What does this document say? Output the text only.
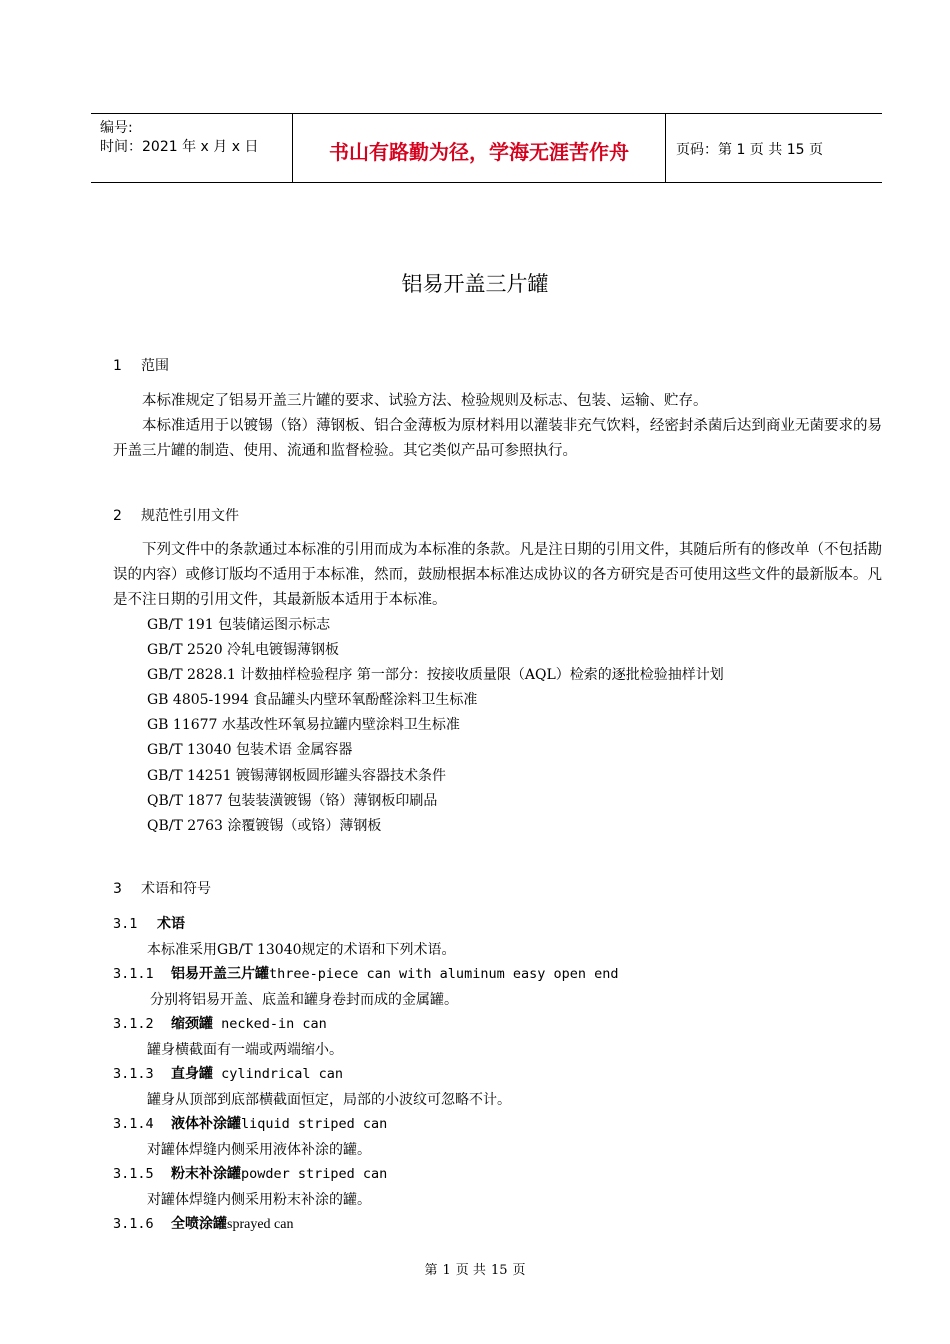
编号:
时间：2021 年 x 月 x 日	书山有路勤为径，学海无涯苦作舟	页码：第 1 页 共 15 页
铝易开盖三片罐
1 范围

本标准规定了铝易开盖三片罐的要求、试验方法、检验规则及标志、包装、运输、贮存。

本标准适用于以镀锡（铬）薄钢板、铝合金薄板为原材料用以灌装非充气饮料，经密封杀菌后达到商业无菌要求的易开盖三片罐的制造、使用、流通和监督检验。其它类似产品可参照执行。

2 规范性引用文件

下列文件中的条款通过本标准的引用而成为本标准的条款。凡是注日期的引用文件，其随后所有的修改单（不包括勘误的内容）或修订版均不适用于本标准，然而，鼓励根据本标准达成协议的各方研究是否可使用这些文件的最新版本。凡是不注日期的引用文件，其最新版本适用于本标准。

GB/T 191 包装储运图示标志
GB/T 2520 冷轧电镀锡薄钢板
GB/T 2828.1 计数抽样检验程序 第一部分：按接收质量限（AQL）检索的逐批检验抽样计划
GB 4805-1994 食品罐头内壁环氧酚醛涂料卫生标准
GB 11677 水基改性环氧易拉罐内壁涂料卫生标准
GB/T 13040 包装术语 金属容器
GB/T 14251 镀锡薄钢板圆形罐头容器技术条件
QB/T 1877 包装装潢镀锡（铬）薄钢板印刷品
QB/T 2763 涂覆镀锡（或铬）薄钢板
3 术语和符号
3.1 术语
本标准采用GB/T 13040规定的术语和下列术语。
3.1.1 铝易开盖三片罐three-piece can with aluminum easy open end
分别将铝易开盖、底盖和罐身卷封而成的金属罐。
3.1.2 缩颈罐 necked-in can
罐身横截面有一端或两端缩小。
3.1.3 直身罐 cylindrical can
罐身从顶部到底部横截面恒定，局部的小波纹可忽略不计。
3.1.4 液体补涂罐liquid striped can
对罐体焊缝内侧采用液体补涂的罐。
3.1.5 粉末补涂罐powder striped can
对罐体焊缝内侧采用粉末补涂的罐。
3.1.6 全喷涂罐sprayed can
第 1 页 共 15 页
